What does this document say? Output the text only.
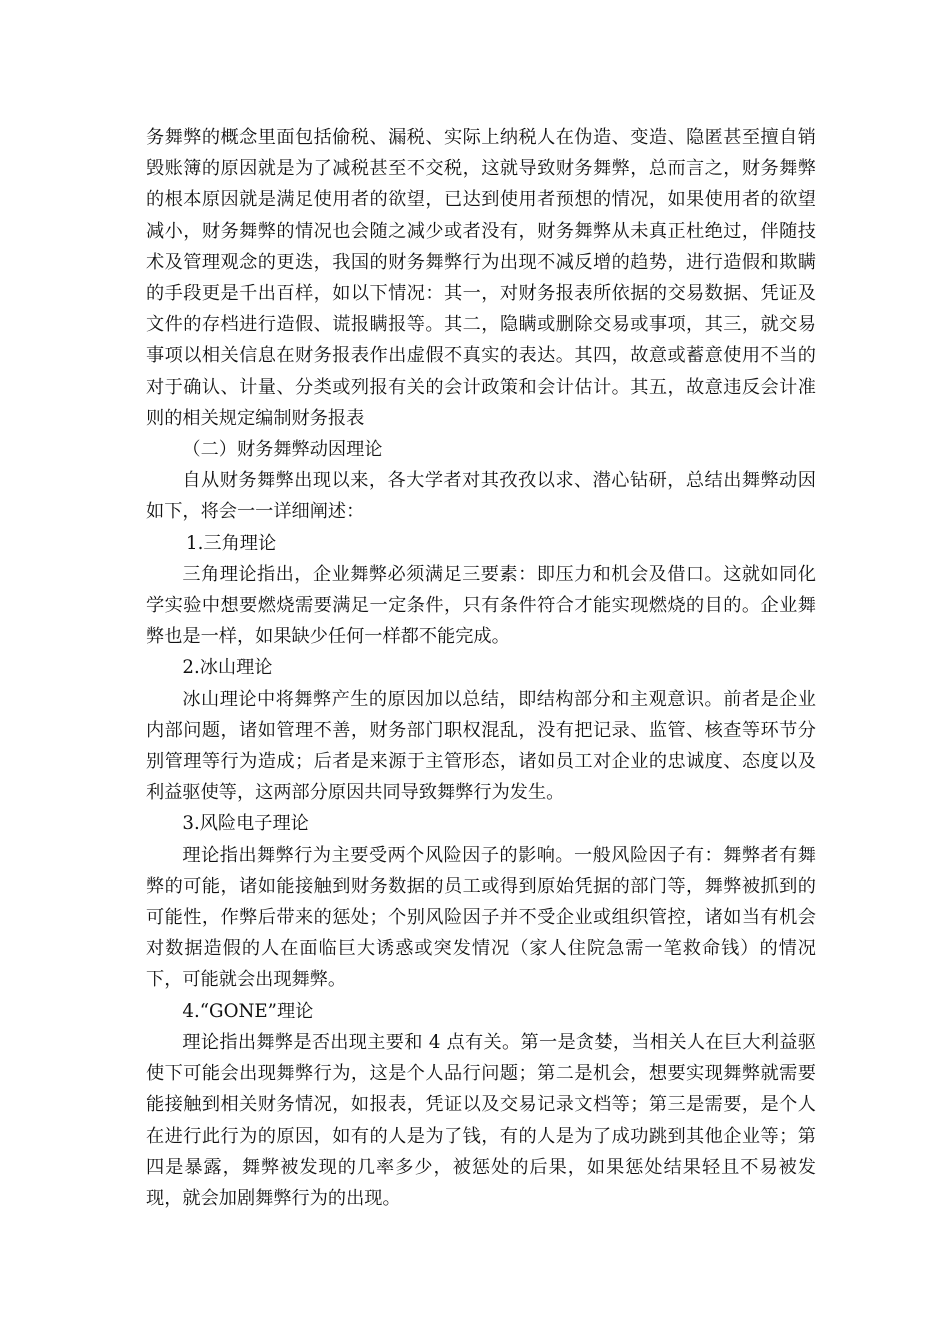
务舞弊的概念里面包括偷税、漏税、实际上纳税人在伪造、变造、隐匿甚至擅自销毁账簿的原因就是为了减税甚至不交税，这就导致财务舞弊，总而言之，财务舞弊的根本原因就是满足使用者的欲望，已达到使用者预想的情况，如果使用者的欲望减小，财务舞弊的情况也会随之减少或者没有，财务舞弊从未真正杜绝过，伴随技术及管理观念的更迭，我国的财务舞弊行为出现不减反增的趋势，进行造假和欺瞒的手段更是千出百样，如以下情况：其一，对财务报表所依据的交易数据、凭证及文件的存档进行造假、谎报瞒报等。其二，隐瞒或删除交易或事项，其三，就交易事项以相关信息在财务报表作出虚假不真实的表达。其四，故意或蓄意使用不当的对于确认、计量、分类或列报有关的会计政策和会计估计。其五，故意违反会计准则的相关规定编制财务报表

（二）财务舞弊动因理论

自从财务舞弊出现以来，各大学者对其孜孜以求、潜心钻研，总结出舞弊动因如下，将会一一详细阐述：

1.三角理论

三角理论指出，企业舞弊必须满足三要素：即压力和机会及借口。这就如同化学实验中想要燃烧需要满足一定条件，只有条件符合才能实现燃烧的目的。企业舞弊也是一样，如果缺少任何一样都不能完成。

2.冰山理论

冰山理论中将舞弊产生的原因加以总结，即结构部分和主观意识。前者是企业内部问题，诸如管理不善，财务部门职权混乱，没有把记录、监管、核查等环节分别管理等行为造成；后者是来源于主管形态，诸如员工对企业的忠诚度、态度以及利益驱使等，这两部分原因共同导致舞弊行为发生。

3.风险电子理论

理论指出舞弊行为主要受两个风险因子的影响。一般风险因子有：舞弊者有舞弊的可能，诸如能接触到财务数据的员工或得到原始凭据的部门等，舞弊被抓到的可能性，作弊后带来的惩处；个别风险因子并不受企业或组织管控，诸如当有机会对数据造假的人在面临巨大诱惑或突发情况（家人住院急需一笔救命钱）的情况下，可能就会出现舞弊。

4.“GONE”理论

理论指出舞弊是否出现主要和 4 点有关。第一是贪婪，当相关人在巨大利益驱使下可能会出现舞弊行为，这是个人品行问题；第二是机会，想要实现舞弊就需要能接触到相关财务情况，如报表，凭证以及交易记录文档等；第三是需要，是个人在进行此行为的原因，如有的人是为了钱，有的人是为了成功跳到其他企业等；第四是暴露，舞弊被发现的几率多少，被惩处的后果，如果惩处结果轻且不易被发现，就会加剧舞弊行为的出现。
